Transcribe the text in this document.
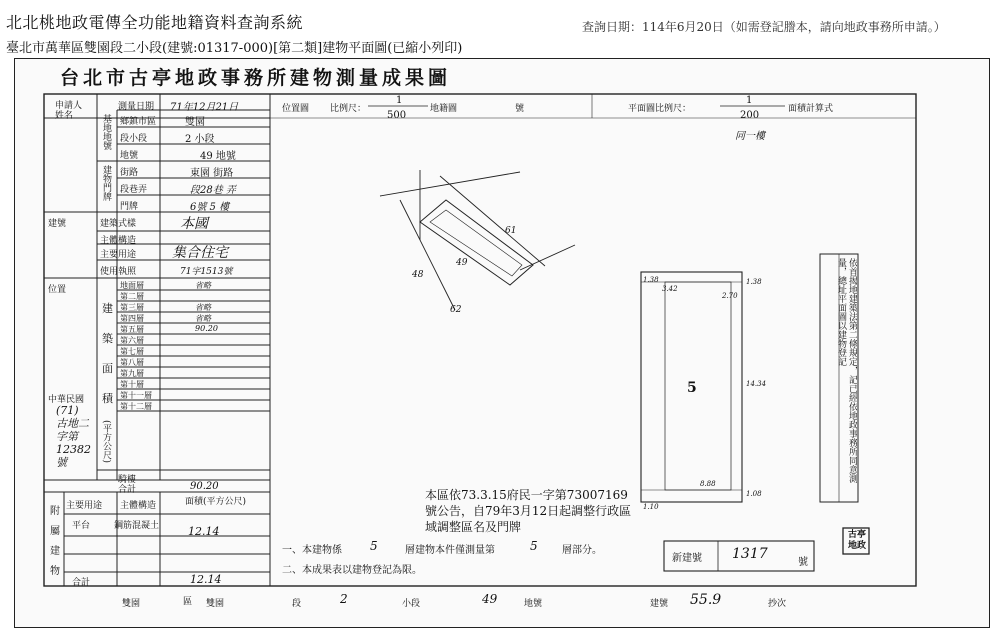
北北桃地政電傳全功能地籍資料查詢系統
臺北市萬華區雙園段二小段(建號:01317-000)[第二類]建物平面圖(已縮小列印)
查詢日期：114年6月20日（如需登記謄本，請向地政事務所申請。）
台北市古亭地政事務所建物測量成果圖
申請人
姓名
測量日期 71年12月21日
基地地號 鄉鎮市區	雙園
段小段	2 小段
地號	49 地號
建物門牌 街路	東園 街路
段巷弄	段28巷 弄
門牌	6號 5 樓
建築式樣	本國
主體構造
主要用途	集合住宅
使用執照	71字1513號
建
築
面
積
(平方公尺)
地面層	省略
第二層
第三層	省略
第四層	省略
第五層	90.20
第六層
第七層
第八層
第九層
第十層
第十一層
第十二層
騎樓
合計	90.20
建號
位置
中華民國
(71) 古地二字第 12382 號
主要用途 主體構造	面積(平方公尺)
平台	鋼筋混凝土	12.14
合計	12.14
附
屬
建
物
位置圖 比例尺：
1
500
地籍圖	號
61
49
48
62
平面圖比例尺：
1
200
面積計算式
同一樓
5
1.38
14.34
1.08
3.42
2.70
8.88
1.38
1.10
依首揭地建築法第二條規定，記已經依地政事務所同意測量，總址平面圖以建物登記
本區依73.3.15府民一字第73007169號公告，自79年3月12日起調整行政區域調整區名及門牌
一、本建物係 5	層建物本件僅測量第	5 層部分。
二、本成果表以建物登記為限。
新建號 1317
號
古亭 地政
雙園	區 雙園	段	2	小段	49	地號	建號 55.9	抄次
